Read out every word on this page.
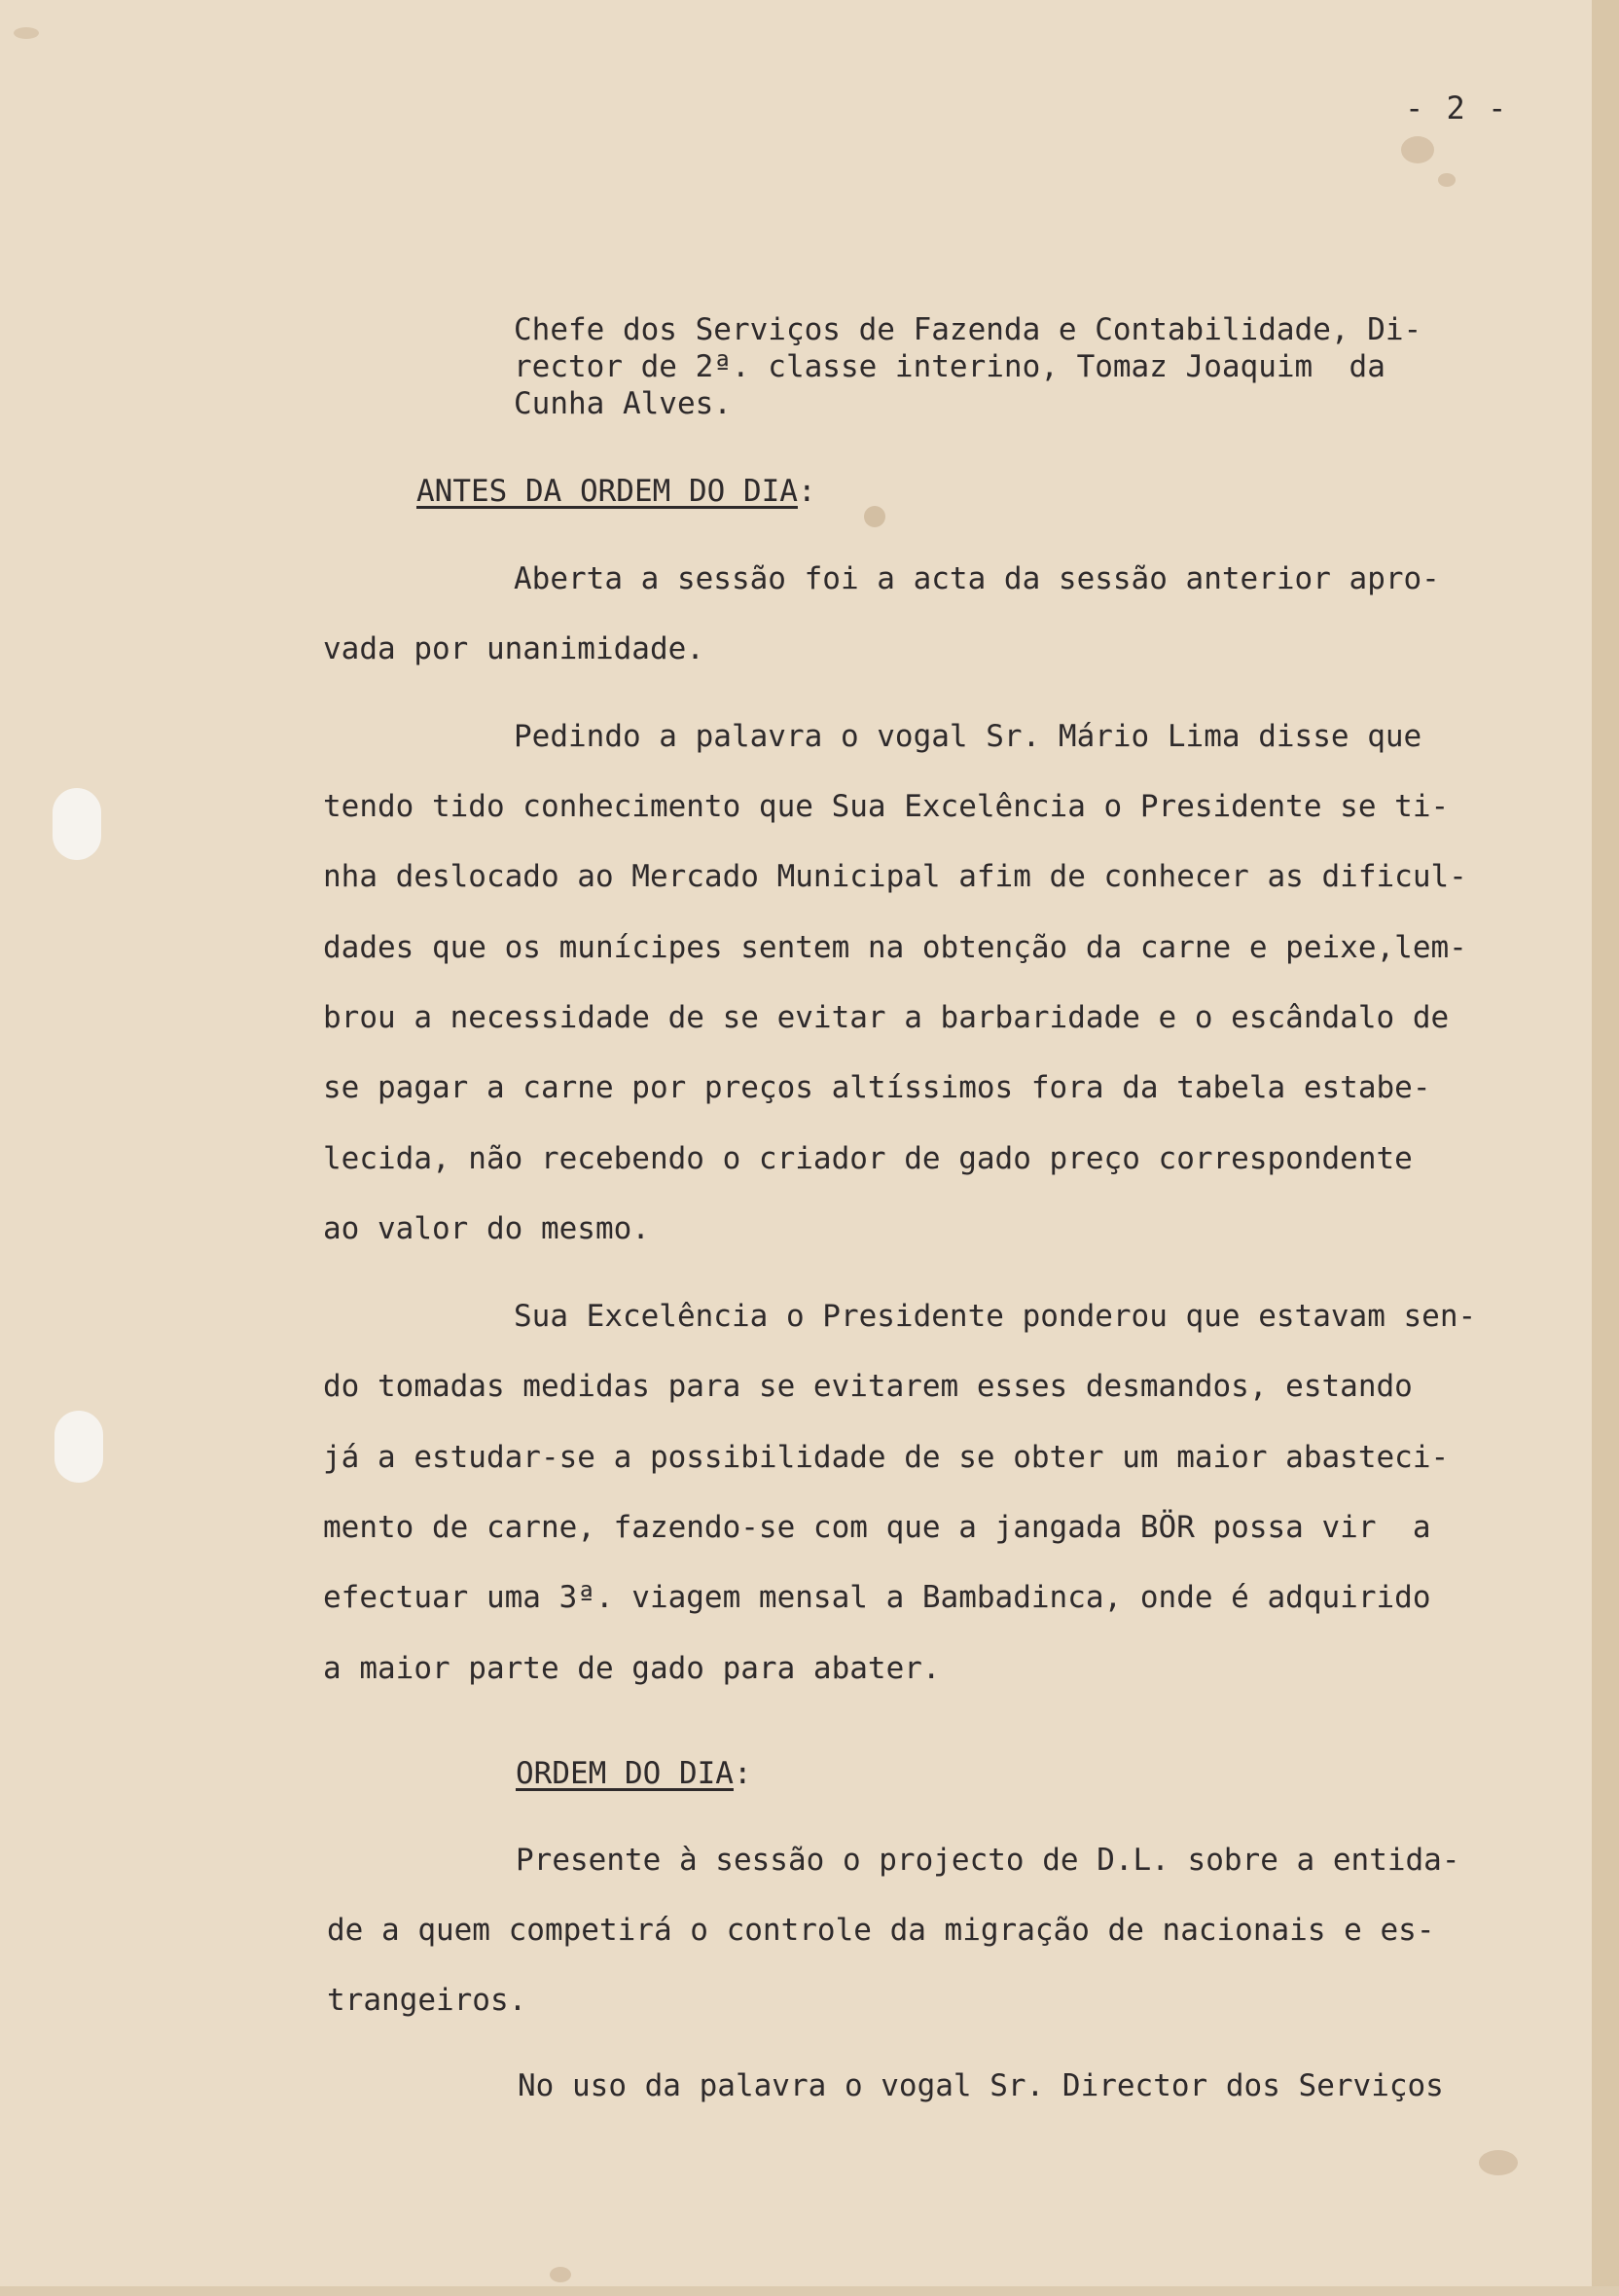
- 2 -
Chefe dos Serviços de Fazenda e Contabilidade, Di-
rector de 2ª. classe interino, Tomaz Joaquim  da
Cunha Alves.
ANTES DA ORDEM DO DIA:
Aberta a sessão foi a acta da sessão anterior apro-
vada por unanimidade.
Pedindo a palavra o vogal Sr. Mário Lima disse que
tendo tido conhecimento que Sua Excelência o Presidente se ti-
nha deslocado ao Mercado Municipal afim de conhecer as dificul-
dades que os munícipes sentem na obtenção da carne e peixe,lem-
brou a necessidade de se evitar a barbaridade e o escândalo de
se pagar a carne por preços altíssimos fora da tabela estabe-
lecida, não recebendo o criador de gado preço correspondente
ao valor do mesmo.
Sua Excelência o Presidente ponderou que estavam sen-
do tomadas medidas para se evitarem esses desmandos, estando
já a estudar-se a possibilidade de se obter um maior abasteci-
mento de carne, fazendo-se com que a jangada BÖR possa vir  a
efectuar uma 3ª. viagem mensal a Bambadinca, onde é adquirido
a maior parte de gado para abater.
ORDEM DO DIA:
Presente à sessão o projecto de D.L. sobre a entida-
de a quem competirá o controle da migração de nacionais e es-
trangeiros.
No uso da palavra o vogal Sr. Director dos Serviços
